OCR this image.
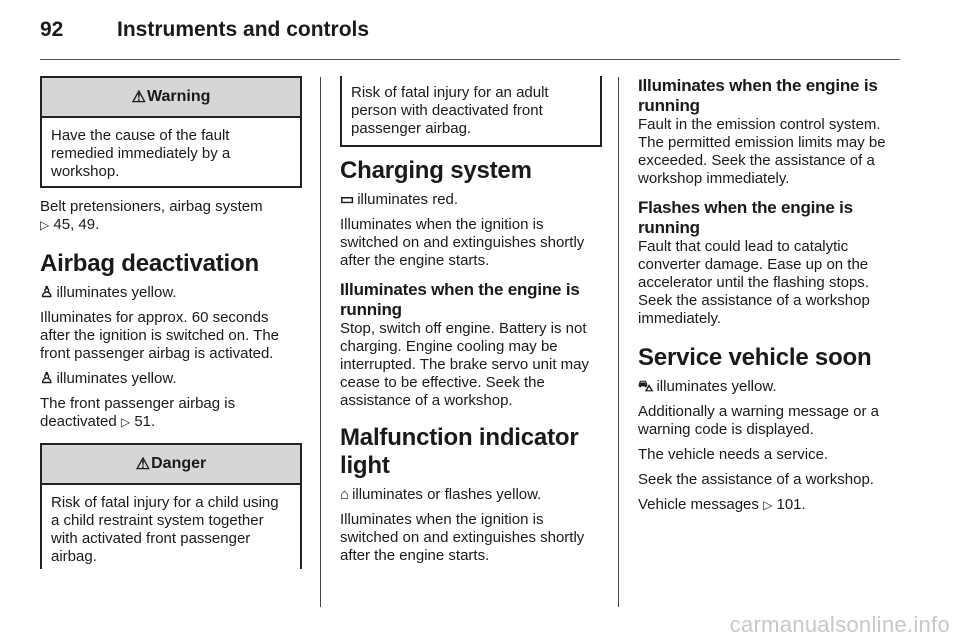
92	Instruments and controls
⚠ Warning

Have the cause of the fault remedied immediately by a workshop.

Belt pretensioners, airbag system

▷ 45, 49.

Airbag deactivation

♙ illuminates yellow.

Illuminates for approx. 60 seconds after the ignition is switched on. The front passenger airbag is activated.

♙ illuminates yellow.

The front passenger airbag is deactivated ▷ 51.

⚠ Danger

Risk of fatal injury for a child using a child restraint system together with activated front passenger airbag.

Risk of fatal injury for an adult person with deactivated front passenger airbag.

Charging system

▭ illuminates red.

Illuminates when the ignition is switched on and extinguishes shortly after the engine starts.

Illuminates when the engine is running

Stop, switch off engine. Battery is not charging. Engine cooling may be interrupted. The brake servo unit may cease to be effective. Seek the assistance of a workshop.

Malfunction indicator light

⌂ illuminates or flashes yellow.

Illuminates when the ignition is switched on and extinguishes shortly after the engine starts.

Illuminates when the engine is running

Fault in the emission control system. The permitted emission limits may be exceeded. Seek the assistance of a workshop immediately.

Flashes when the engine is running

Fault that could lead to catalytic converter damage. Ease up on the accelerator until the flashing stops. Seek the assistance of a workshop immediately.

Service vehicle soon

⛍ illuminates yellow.

Additionally a warning message or a warning code is displayed.

The vehicle needs a service.

Seek the assistance of a workshop.

Vehicle messages ▷ 101.

carmanualsonline.info
